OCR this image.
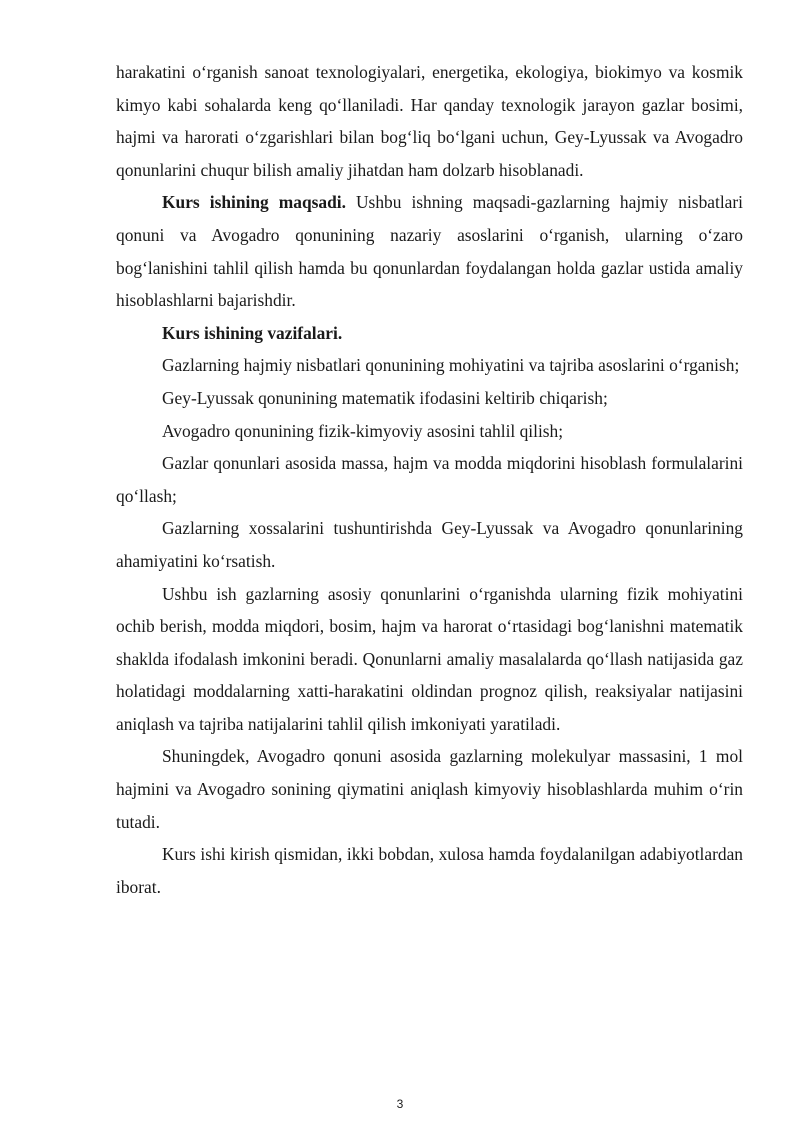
harakatini o‘rganish sanoat texnologiyalari, energetika, ekologiya, biokimyo va kosmik kimyo kabi sohalarda keng qo‘llaniladi. Har qanday texnologik jarayon gazlar bosimi, hajmi va harorati o‘zgarishlari bilan bog‘liq bo‘lgani uchun, Gey-Lyussak va Avogadro qonunlarini chuqur bilish amaliy jihatdan ham dolzarb hisoblanadi.

Kurs ishining maqsadi. Ushbu ishning maqsadi-gazlarning hajmiy nisbatlari qonuni va Avogadro qonunining nazariy asoslarini o‘rganish, ularning o‘zaro bog‘lanishini tahlil qilish hamda bu qonunlardan foydalangan holda gazlar ustida amaliy hisoblashlarni bajarishdir.

Kurs ishining vazifalari.

Gazlarning hajmiy nisbatlari qonunining mohiyatini va tajriba asoslarini o‘rganish;

Gey-Lyussak qonunining matematik ifodasini keltirib chiqarish;

Avogadro qonunining fizik-kimyoviy asosini tahlil qilish;

Gazlar qonunlari asosida massa, hajm va modda miqdorini hisoblash formulalarini qo‘llash;

Gazlarning xossalarini tushuntirishda Gey-Lyussak va Avogadro qonunlarining ahamiyatini ko‘rsatish.

Ushbu ish gazlarning asosiy qonunlarini o‘rganishda ularning fizik mohiyatini ochib berish, modda miqdori, bosim, hajm va harorat o‘rtasidagi bog‘lanishni matematik shaklda ifodalash imkonini beradi. Qonunlarni amaliy masalalarda qo‘llash natijasida gaz holatidagi moddalarning xatti-harakatini oldindan prognoz qilish, reaksiyalar natijasini aniqlash va tajriba natijalarini tahlil qilish imkoniyati yaratiladi.

Shuningdek, Avogadro qonuni asosida gazlarning molekulyar massasini, 1 mol hajmini va Avogadro sonining qiymatini aniqlash kimyoviy hisoblashlarda muhim o‘rin tutadi.

Kurs ishi kirish qismidan, ikki bobdan, xulosa hamda foydalanilgan adabiyotlardan iborat.

3
